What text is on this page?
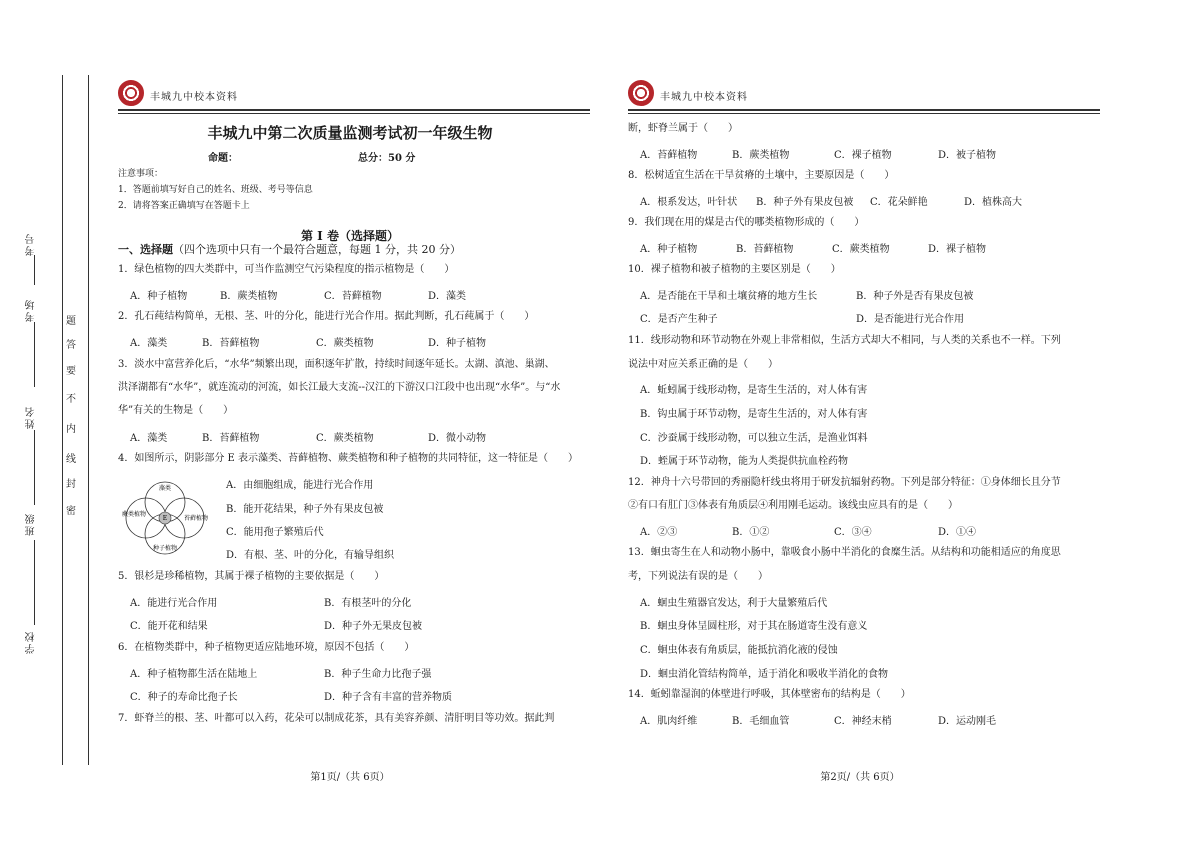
考号
考场
姓名
班级
学校
题
答
要
不
内
线
封
密
丰城九中校本资料
丰城九中第二次质量监测考试初一年级生物
命题：	总分：50 分
注意事项：
1．答题前填写好自己的姓名、班级、考号等信息
2．请将答案正确填写在答题卡上
第 I 卷（选择题）
一、选择题（四个选项中只有一个最符合题意，每题 1 分，共 20 分）
1．绿色植物的四大类群中，可当作监测空气污染程度的指示植物是（　　）
A．种子植物	B．蕨类植物	C．苔藓植物	D．藻类
2．孔石莼结构简单，无根、茎、叶的分化，能进行光合作用。据此判断，孔石莼属于（　　）
A．藻类	B．苔藓植物	C．蕨类植物	D．种子植物
3．淡水中富营养化后，“水华”频繁出现，面积逐年扩散，持续时间逐年延长。太湖、滇池、巢湖、
洪泽湖都有“水华”，就连流动的河流，如长江最大支流--汉江的下游汉口江段中也出现“水华”。与“水
华”有关的生物是（　　）
A．藻类	B．苔藓植物	C．蕨类植物	D．微小动物
4．如图所示，阴影部分 E 表示藻类、苔藓植物、蕨类植物和种子植物的共同特征，这一特征是（　　）
藻类
蕨类植物
苔藓植物
种子植物
E
A．由细胞组成，能进行光合作用
B．能开花结果，种子外有果皮包被
C．能用孢子繁殖后代
D．有根、茎、叶的分化，有输导组织
5．银杉是珍稀植物，其属于裸子植物的主要依据是（　　）
A．能进行光合作用	B．有根茎叶的分化
C．能开花和结果	D．种子外无果皮包被
6．在植物类群中，种子植物更适应陆地环境，原因不包括（　　）
A．种子植物都生活在陆地上	B．种子生命力比孢子强
C．种子的寿命比孢子长	D．种子含有丰富的营养物质
7．虾脊兰的根、茎、叶都可以入药，花朵可以制成花茶，具有美容养颜、清肝明目等功效。据此判
第1页/（共 6页）
丰城九中校本资料
断，虾脊兰属于（　　）
A．苔藓植物	B．蕨类植物	C．裸子植物	D．被子植物
8．松树适宜生活在干旱贫瘠的土壤中，主要原因是（　　）
A．根系发达，叶针状 B．种子外有果皮包被 C．花朵鲜艳	D．植株高大
9．我们现在用的煤是古代的哪类植物形成的（　　）
A．种子植物	B．苔藓植物	C．蕨类植物	D．裸子植物
10．裸子植物和被子植物的主要区别是（　　）
A．是否能在干旱和土壤贫瘠的地方生长	B．种子外是否有果皮包被
C．是否产生种子	D．是否能进行光合作用
11．线形动物和环节动物在外观上非常相似，生活方式却大不相同，与人类的关系也不一样。下列
说法中对应关系正确的是（　　）
A．蚯蚓属于线形动物，是寄生生活的，对人体有害
B．钩虫属于环节动物，是寄生生活的，对人体有害
C．沙蚕属于线形动物，可以独立生活，是渔业饵料
D．蛭属于环节动物，能为人类提供抗血栓药物
12．神舟十六号带回的秀丽隐杆线虫将用于研发抗辐射药物。下列是部分特征：①身体细长且分节
②有口有肛门③体表有角质层④利用刚毛运动。该线虫应具有的是（　　）
A．②③	B．①②	C．③④	D．①④
13．蛔虫寄生在人和动物小肠中，靠吸食小肠中半消化的食糜生活。从结构和功能相适应的角度思
考，下列说法有误的是（　　）
A．蛔虫生殖器官发达，利于大量繁殖后代
B．蛔虫身体呈圆柱形，对于其在肠道寄生没有意义
C．蛔虫体表有角质层，能抵抗消化液的侵蚀
D．蛔虫消化管结构简单，适于消化和吸收半消化的食物
14．蚯蚓靠湿润的体壁进行呼吸，其体壁密布的结构是（　　）
A．肌肉纤维	B．毛细血管	C．神经末梢	D．运动刚毛
第2页/（共 6页）
